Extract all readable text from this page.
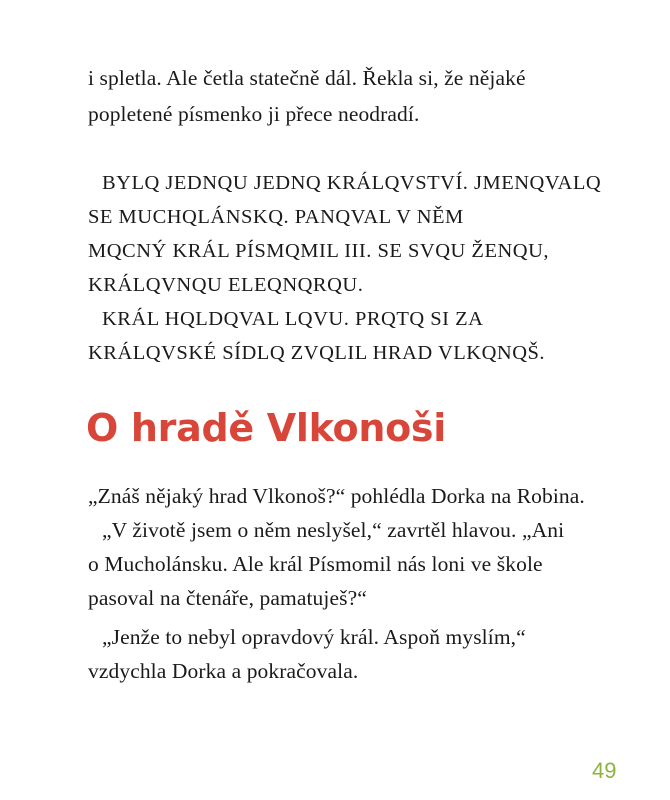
i spletla. Ale četla statečně dál. Řekla si, že nějaké
popletené písmenko ji přece neodradí.
BYLQ JEDNQU JEDNQ KRÁLQVSTVÍ. JMENQVALQ
SE MUCHQLÁNSKQ. PANQVAL V NĚM
MQCNÝ KRÁL PÍSMQMIL III. SE SVQU ŽENQU,
KRÁLQVNQU ELEQNQRQU.
KRÁL HQLDQVAL LQVU. PRQTQ SI ZA
KRÁLQVSKÉ SÍDLQ ZVQLIL HRAD VLKQNQŠ.
O hradě Vlkonoši
„Znáš nějaký hrad Vlkonoš?“ pohlédla Dorka na Robina.
„V životě jsem o něm neslyšel,“ zavrtěl hlavou. „Ani
o Mucholánsku. Ale král Písmomil nás loni ve škole
pasoval na čtenáře, pamatuješ?“
„Jenže to nebyl opravdový král. Aspoň myslím,“
vzdychla Dorka a pokračovala.
49
